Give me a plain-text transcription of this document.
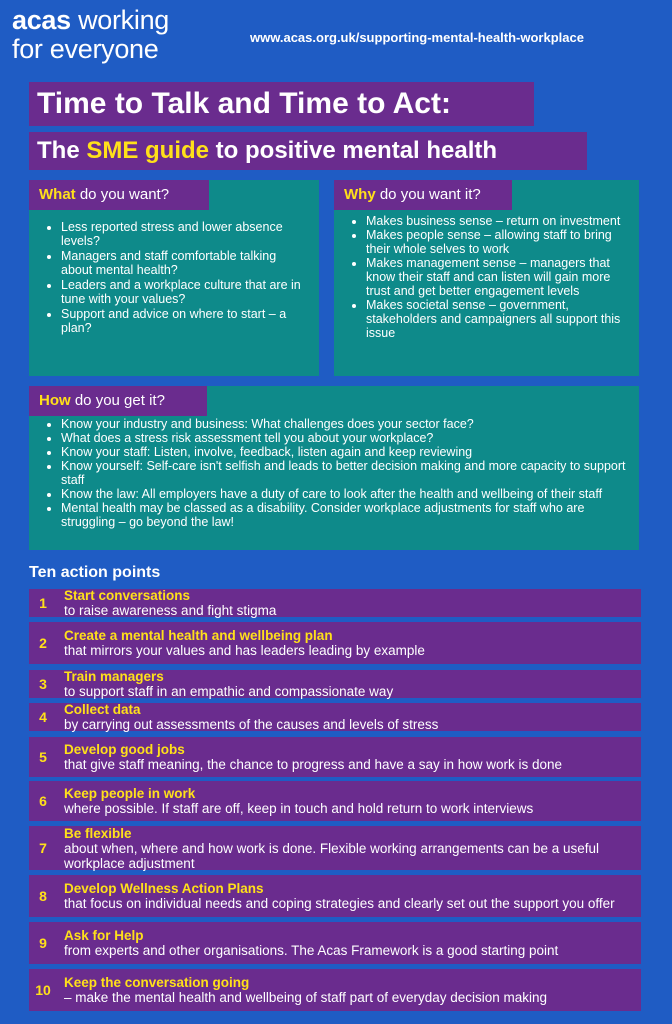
acas working
for everyone	www.acas.org.uk/supporting-mental-health-workplace
Time to Talk and Time to Act:
The SME guide to positive mental health
What do you want?
• Less reported stress and lower absence levels?
• Managers and staff comfortable talking about mental health?
• Leaders and a workplace culture that are in tune with your values?
• Support and advice on where to start – a plan?
Why do you want it?
• Makes business sense – return on investment
• Makes people sense – allowing staff to bring their whole selves to work
• Makes management sense – managers that know their staff and can listen will gain more trust and get better engagement levels
• Makes societal sense – government, stakeholders and campaigners all support this issue
How do you get it?
• Know your industry and business: What challenges does your sector face?
• What does a stress risk assessment tell you about your workplace?
• Know your staff: Listen, involve, feedback, listen again and keep reviewing
• Know yourself: Self-care isn't selfish and leads to better decision making and more capacity to support staff
• Know the law: All employers have a duty of care to look after the health and wellbeing of their staff
• Mental health may be classed as a disability. Consider workplace adjustments for staff who are struggling – go beyond the law!
Ten action points
1	Start conversations
to raise awareness and fight stigma
2	Create a mental health and wellbeing plan
that mirrors your values and has leaders leading by example
3	Train managers
to support staff in an empathic and compassionate way
4	Collect data
by carrying out assessments of the causes and levels of stress
5	Develop good jobs
that give staff meaning, the chance to progress and have a say in how work is done
6	Keep people in work
where possible. If staff are off, keep in touch and hold return to work interviews
7
Be flexible
about when, where and how work is done. Flexible working arrangements can be a useful workplace adjustment
8	Develop Wellness Action Plans
that focus on individual needs and coping strategies and clearly set out the support you offer
9	Ask for Help
from experts and other organisations. The Acas Framework is a good starting point
10 Keep the conversation going
– make the mental health and wellbeing of staff part of everyday decision making
